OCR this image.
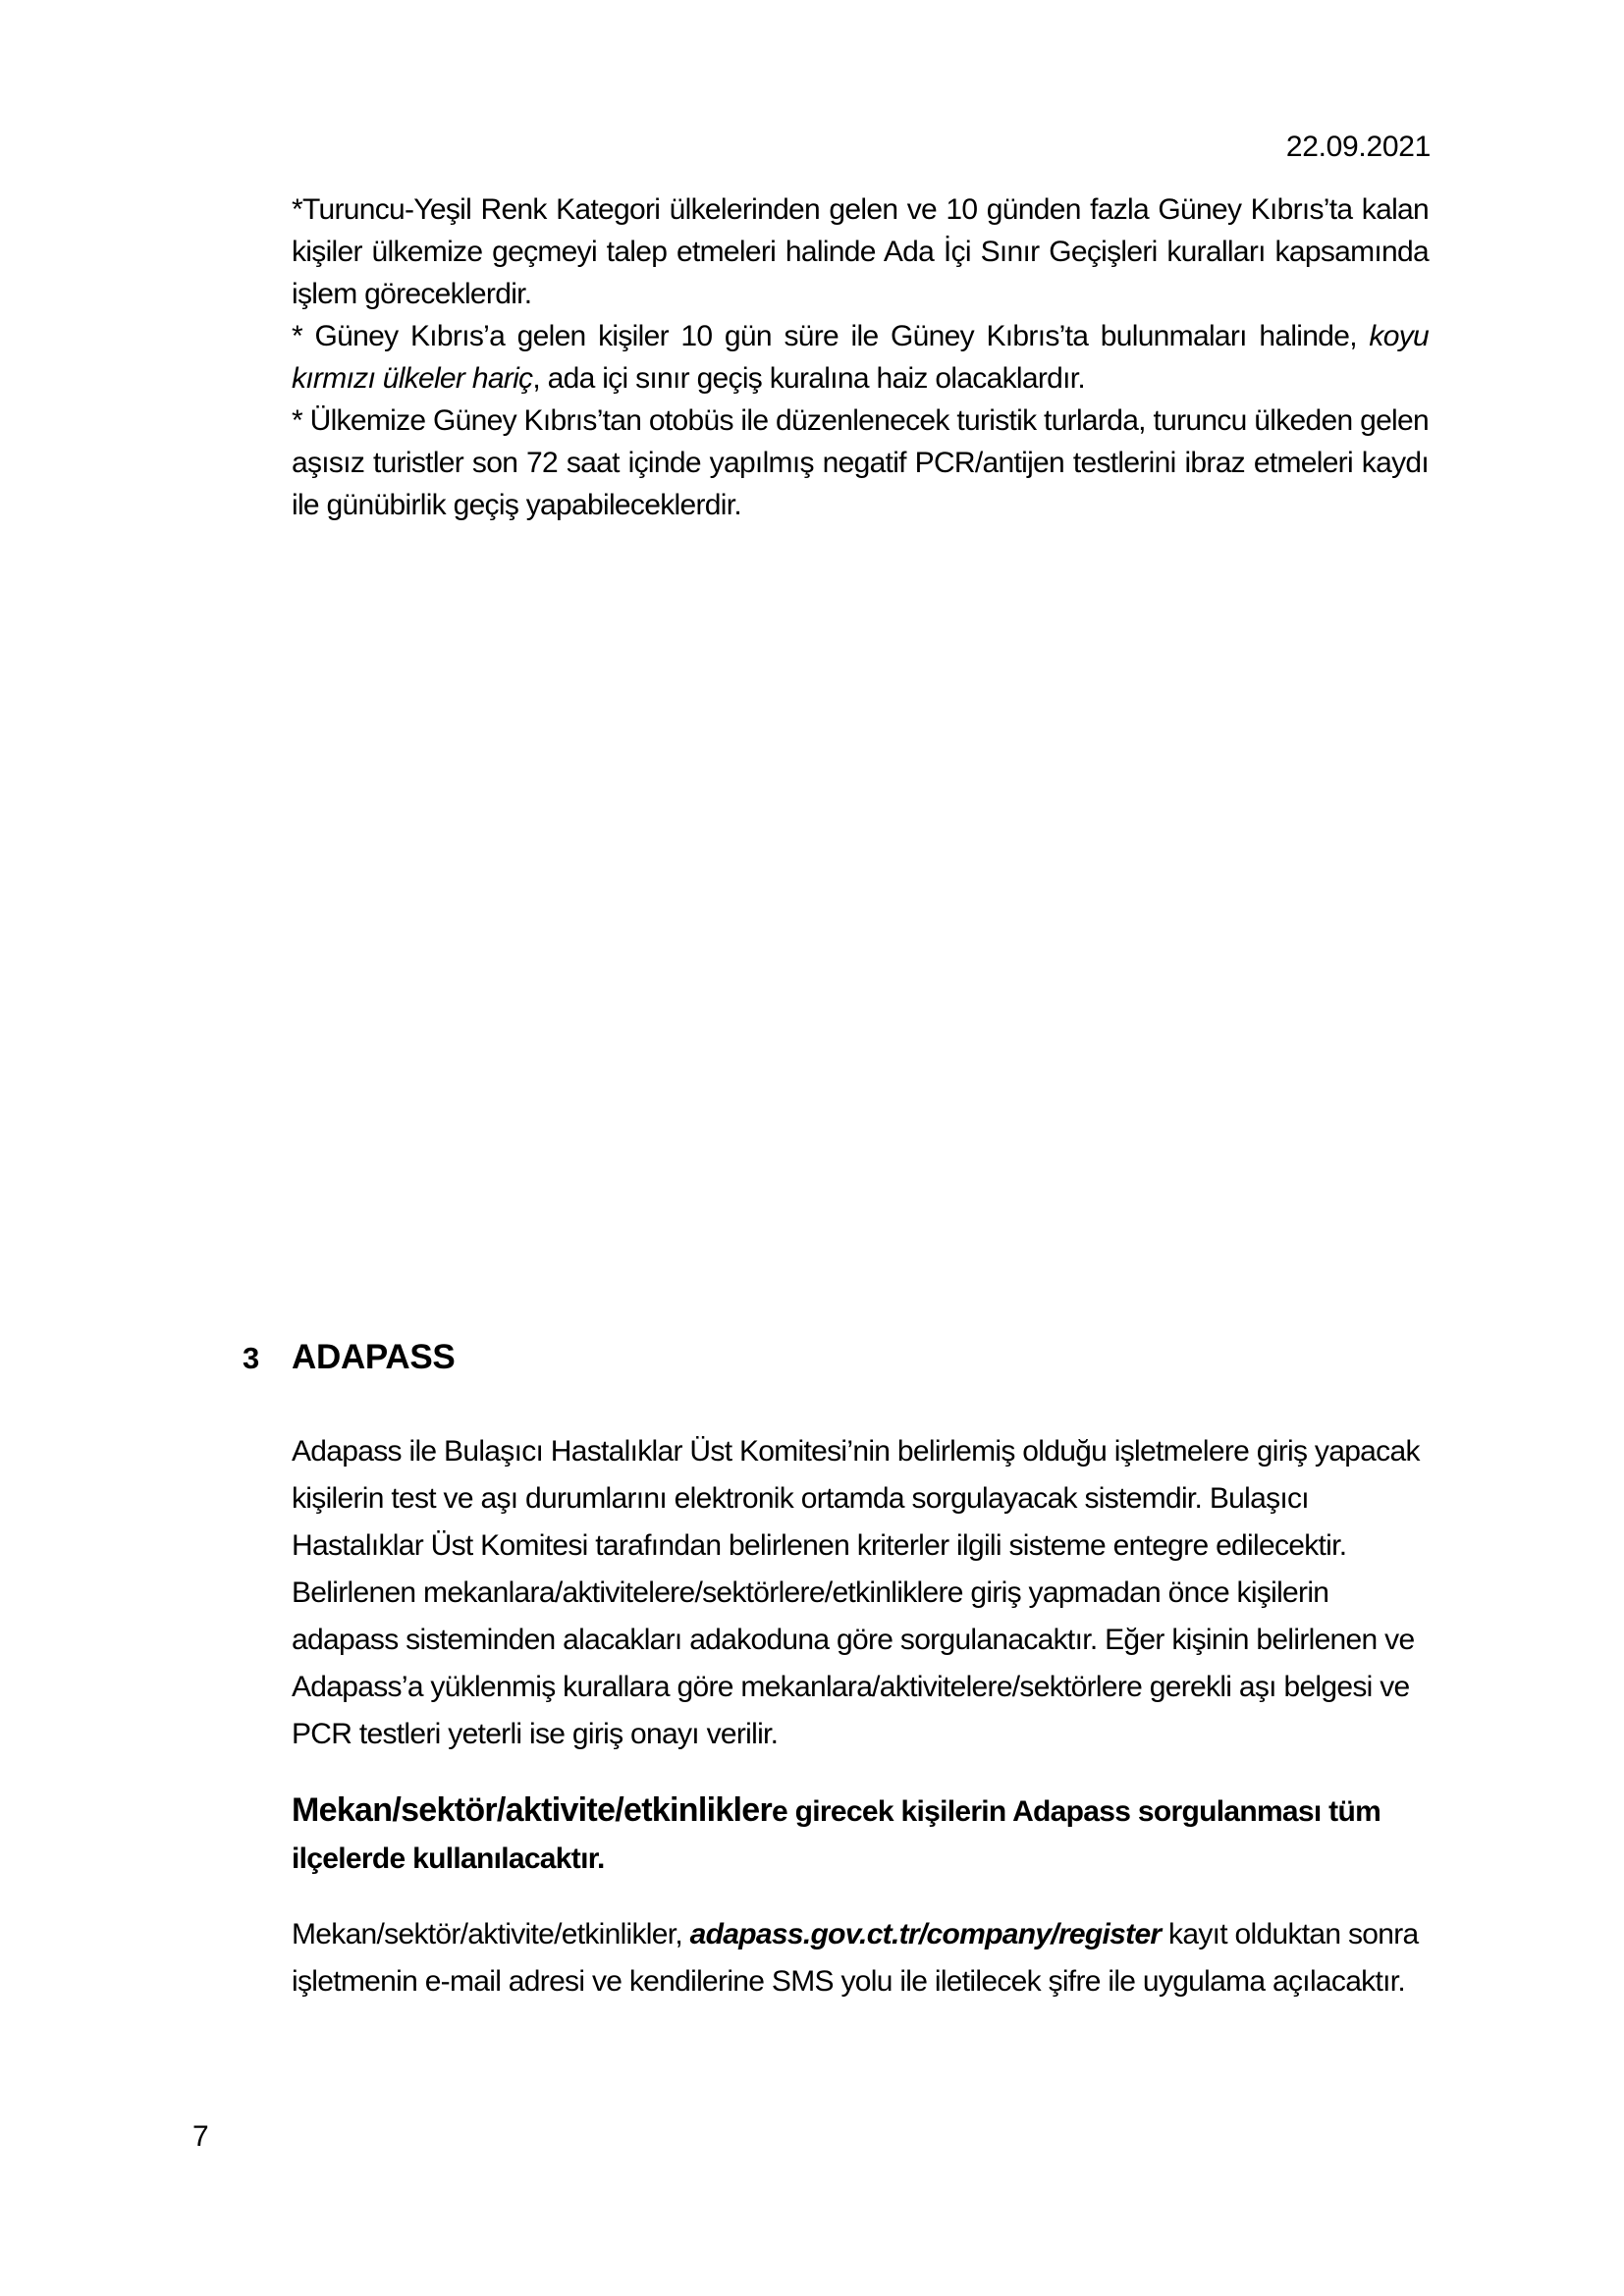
22.09.2021

*Turuncu-Yeşil Renk Kategori ülkelerinden gelen ve 10 günden fazla Güney Kıbrıs’ta kalan kişiler ülkemize geçmeyi talep etmeleri halinde Ada İçi Sınır Geçişleri kuralları kapsamında işlem göreceklerdir.

* Güney Kıbrıs’a gelen kişiler 10 gün süre ile Güney Kıbrıs’ta bulunmaları halinde, koyu kırmızı ülkeler hariç, ada içi sınır geçiş kuralına haiz olacaklardır.

* Ülkemize Güney Kıbrıs’tan otobüs ile düzenlenecek turistik turlarda, turuncu ülkeden gelen aşısız turistler son 72 saat içinde yapılmış negatif PCR/antijen testlerini ibraz etmeleri kaydı ile günübirlik geçiş yapabileceklerdir.

3 ADAPASS

Adapass ile Bulaşıcı Hastalıklar Üst Komitesi’nin belirlemiş olduğu işletmelere giriş yapacak kişilerin test ve aşı durumlarını elektronik ortamda sorgulayacak sistemdir. Bulaşıcı Hastalıklar Üst Komitesi tarafından belirlenen kriterler ilgili sisteme entegre edilecektir. Belirlenen mekanlara/aktivitelere/sektörlere/etkinliklere giriş yapmadan önce kişilerin adapass sisteminden alacakları adakoduna göre sorgulanacaktır. Eğer kişinin belirlenen ve Adapass’a yüklenmiş kurallara göre mekanlara/aktivitelere/sektörlere gerekli aşı belgesi ve PCR testleri yeterli ise giriş onayı verilir.

Mekan/sektör/aktivite/etkinliklere girecek kişilerin Adapass sorgulanması tüm ilçelerde kullanılacaktır.

Mekan/sektör/aktivite/etkinlikler, adapass.gov.ct.tr/company/register kayıt olduktan sonra işletmenin e-mail adresi ve kendilerine SMS yolu ile iletilecek şifre ile uygulama açılacaktır.

7
